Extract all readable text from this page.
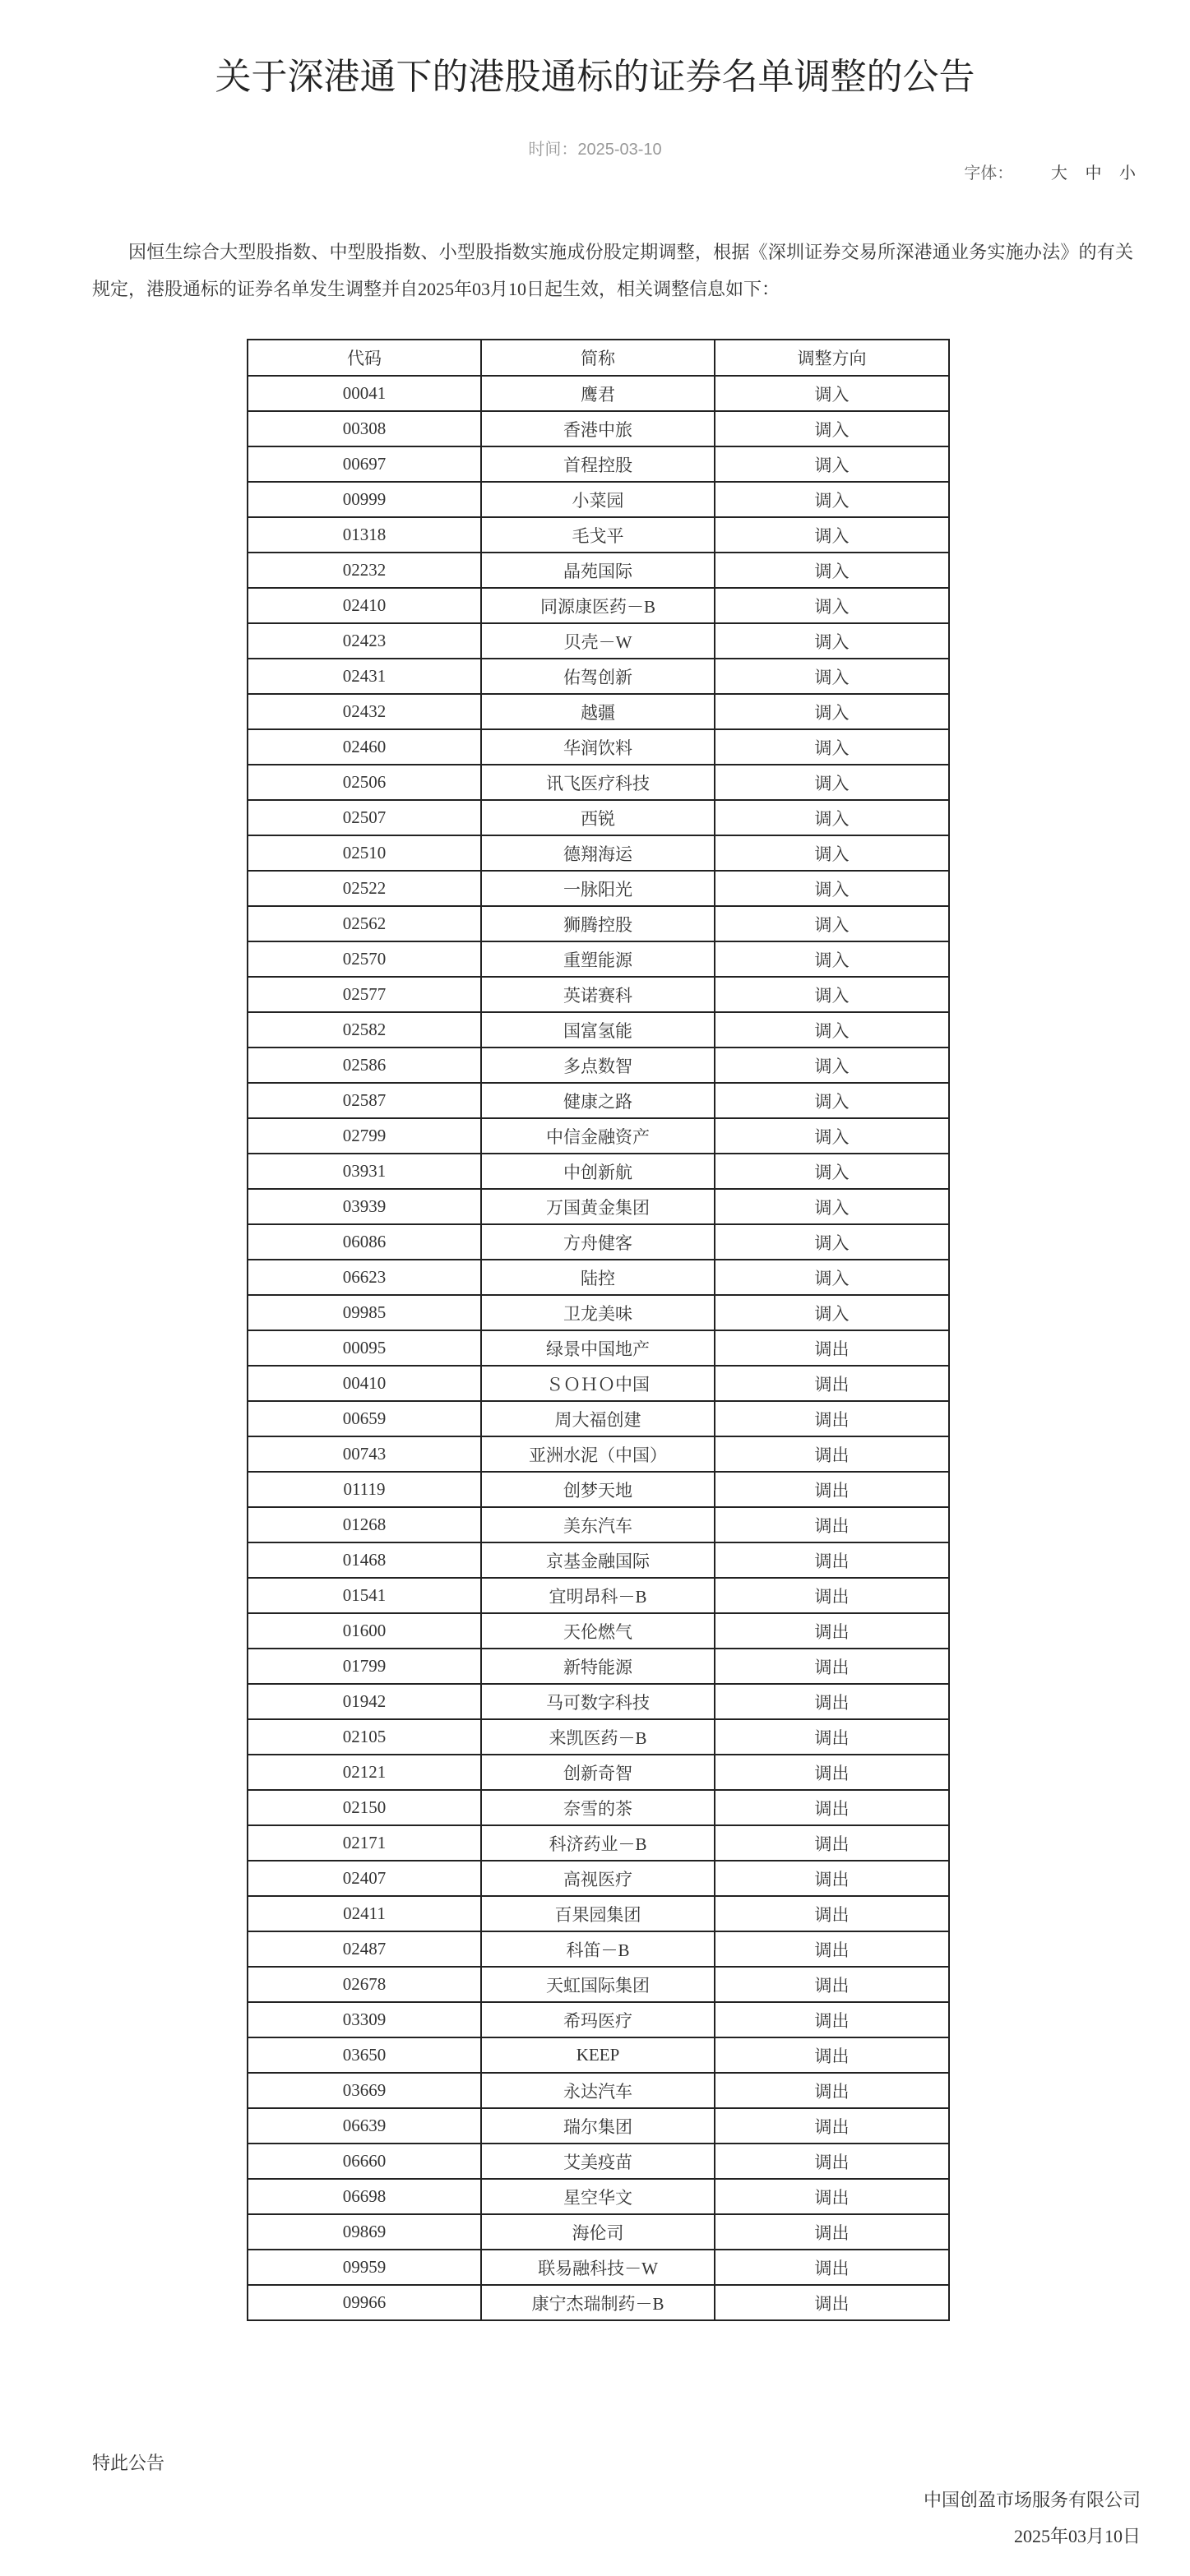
关于深港通下的港股通标的证券名单调整的公告
时间：2025-03-10
字体： 大 中 小

因恒生综合大型股指数、中型股指数、小型股指数实施成份股定期调整，根据《深圳证券交易所深港通业务实施办法》的有关规定，港股通标的证券名单发生调整并自2025年03月10日起生效，相关调整信息如下：

代码	简称	调整方向
00041	鹰君	调入
00308	香港中旅	调入
00697	首程控股	调入
00999	小菜园	调入
01318	毛戈平	调入
02232	晶苑国际	调入
02410	同源康医药－B	调入
02423	贝壳－W	调入
02431	佑驾创新	调入
02432	越疆	调入
02460	华润饮料	调入
02506	讯飞医疗科技	调入
02507	西锐	调入
02510	德翔海运	调入
02522	一脉阳光	调入
02562	狮腾控股	调入
02570	重塑能源	调入
02577	英诺赛科	调入
02582	国富氢能	调入
02586	多点数智	调入
02587	健康之路	调入
02799	中信金融资产	调入
03931	中创新航	调入
03939	万国黄金集团	调入
06086	方舟健客	调入
06623	陆控	调入
09985	卫龙美味	调入
00095	绿景中国地产	调出
00410	ＳＯＨＯ中国	调出
00659	周大福创建	调出
00743	亚洲水泥（中国）	调出
01119	创梦天地	调出
01268	美东汽车	调出
01468	京基金融国际	调出
01541	宜明昂科－B	调出
01600	天伦燃气	调出
01799	新特能源	调出
01942	马可数字科技	调出
02105	来凯医药－B	调出
02121	创新奇智	调出
02150	奈雪的茶	调出
02171	科济药业－B	调出
02407	高视医疗	调出
02411	百果园集团	调出
02487	科笛－B	调出
02678	天虹国际集团	调出
03309	希玛医疗	调出
03650	KEEP	调出
03669	永达汽车	调出
06639	瑞尔集团	调出
06660	艾美疫苗	调出
06698	星空华文	调出
09869	海伦司	调出
09959	联易融科技－W	调出
09966	康宁杰瑞制药－B	调出
特此公告
中国创盈市场服务有限公司
2025年03月10日
